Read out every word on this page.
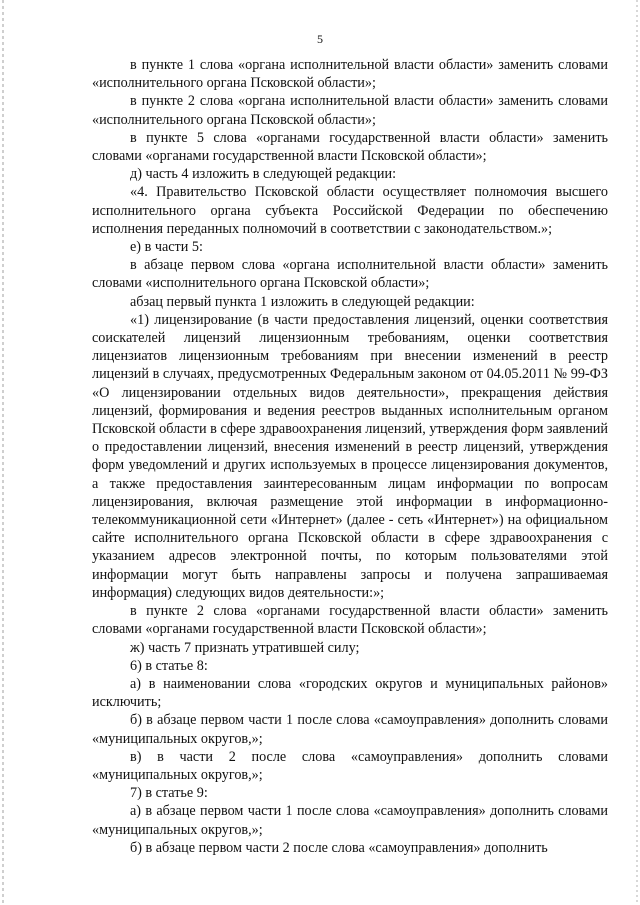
5

в пункте 1 слова «органа исполнительной власти области» заменить словами «исполнительного органа Псковской области»;

в пункте 2 слова «органа исполнительной власти области» заменить словами «исполнительного органа Псковской области»;

в пункте 5 слова «органами государственной власти области» заменить словами «органами государственной власти Псковской области»;

д) часть 4 изложить в следующей редакции:

«4. Правительство Псковской области осуществляет полномочия высшего исполнительного органа субъекта Российской Федерации по обеспечению исполнения переданных полномочий в соответствии с законодательством.»;

е) в части 5:

в абзаце первом слова «органа исполнительной власти области» заменить словами «исполнительного органа Псковской области»;

абзац первый пункта 1 изложить в следующей редакции:

«1) лицензирование (в части предоставления лицензий, оценки соответствия соискателей лицензий лицензионным требованиям, оценки соответствия лицензиатов лицензионным требованиям при внесении изменений в реестр лицензий в случаях, предусмотренных Федеральным законом от 04.05.2011 № 99-ФЗ «О лицензировании отдельных видов деятельности», прекращения действия лицензий, формирования и ведения реестров выданных исполнительным органом Псковской области в сфере здравоохранения лицензий, утверждения форм заявлений о предоставлении лицензий, внесения изменений в реестр лицензий, утверждения форм уведомлений и других используемых в процессе лицензирования документов, а также предоставления заинтересованным лицам информации по вопросам лицензирования, включая размещение этой информации в информационно-телекоммуникационной сети «Интернет» (далее - сеть «Интернет») на официальном сайте исполнительного органа Псковской области в сфере здравоохранения с указанием адресов электронной почты, по которым пользователями этой информации могут быть направлены запросы и получена запрашиваемая информация) следующих видов деятельности:»;

в пункте 2 слова «органами государственной власти области» заменить словами «органами государственной власти Псковской области»;

ж) часть 7 признать утратившей силу;

6) в статье 8:

а) в наименовании слова «городских округов и муниципальных районов» исключить;

б) в абзаце первом части 1 после слова «самоуправления» дополнить словами «муниципальных округов,»;

в) в части 2 после слова «самоуправления» дополнить словами «муниципальных округов,»;

7) в статье 9:

а) в абзаце первом части 1 после слова «самоуправления» дополнить словами «муниципальных округов,»;

б) в абзаце первом части 2 после слова «самоуправления» дополнить
